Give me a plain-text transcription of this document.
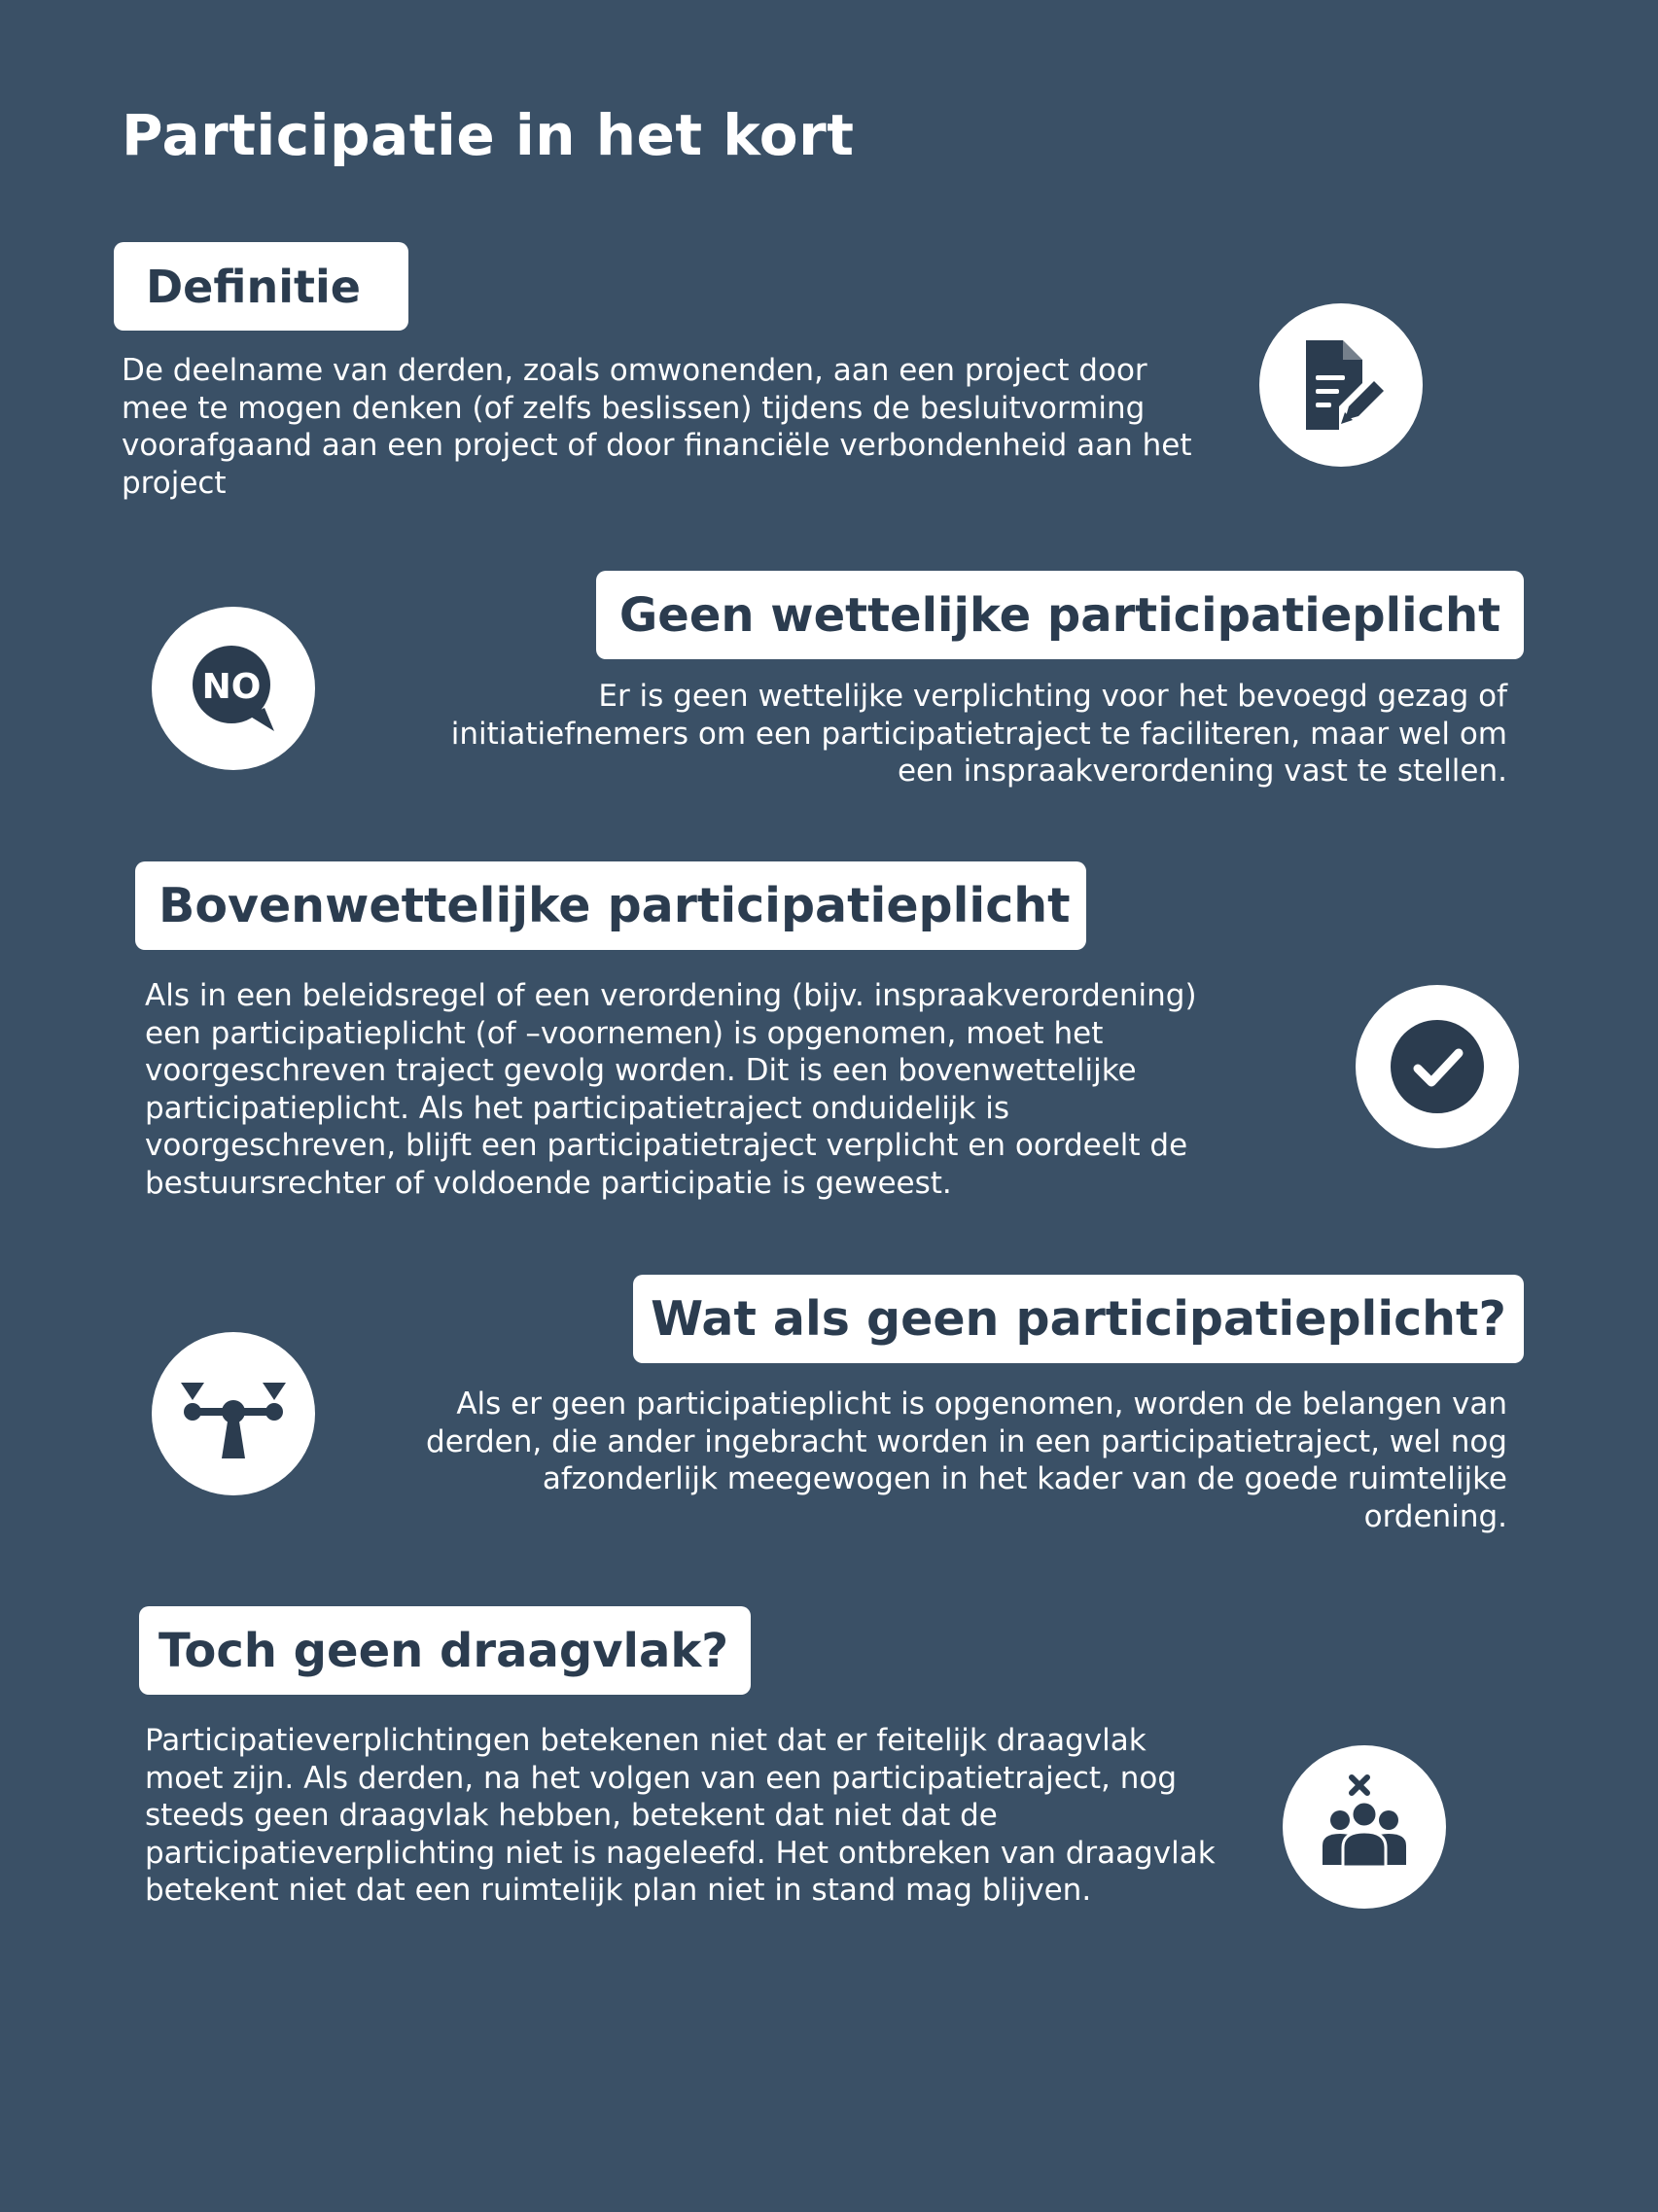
Participatie in het kort
Definitie

De deelname van derden, zoals omwonenden, aan een project door mee te mogen denken (of zelfs beslissen) tijdens de besluitvorming voorafgaand aan een project of door financiële verbondenheid aan het project

Geen wettelijke participatieplicht

Er is geen wettelijke verplichting voor het bevoegd gezag of initiatiefnemers om een participatietraject te faciliteren, maar wel om een inspraakverordening vast te stellen.

NO
Bovenwettelijke participatieplicht

Als in een beleidsregel of een verordening (bijv. inspraakverordening) een participatieplicht (of –voornemen) is opgenomen, moet het voorgeschreven traject gevolg worden. Dit is een bovenwettelijke participatieplicht. Als het participatietraject onduidelijk is voorgeschreven, blijft een participatietraject verplicht en oordeelt de bestuursrechter of voldoende participatie is geweest.

Wat als geen participatieplicht?

Als er geen participatieplicht is opgenomen, worden de belangen van derden, die ander ingebracht worden in een participatietraject, wel nog afzonderlijk meegewogen in het kader van de goede ruimtelijke ordening.

Toch geen draagvlak?

Participatieverplichtingen betekenen niet dat er feitelijk draagvlak moet zijn. Als derden, na het volgen van een participatietraject, nog steeds geen draagvlak hebben, betekent dat niet dat de participatieverplichting niet is nageleefd. Het ontbreken van draagvlak betekent niet dat een ruimtelijk plan niet in stand mag blijven.
